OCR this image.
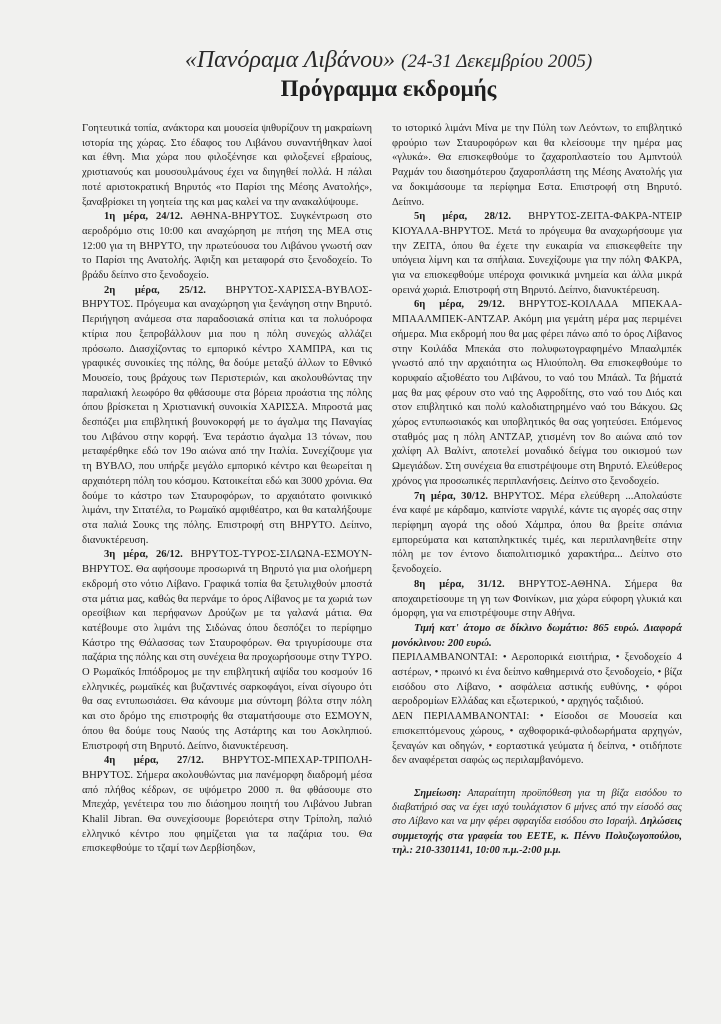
«Πανόραμα Λιβάνου» (24-31 Δεκεμβρίου 2005)
Πρόγραμμα εκδρομής

Γοητευτικά τοπία, ανάκτορα και μουσεία ψιθυρίζουν τη μακραίωνη ιστορία της χώρας. Στο έδαφος του Λιβάνου συναντήθηκαν λαοί και έθνη. Μια χώρα που φιλοξένησε και φιλοξενεί εβραίους, χριστιανούς και μουσουλμάνους έχει να διηγηθεί πολλά. Η πάλαι ποτέ αριστοκρατική Βηρυτός «το Παρίσι της Μέσης Ανατολής», ξαναβρίσκει τη γοητεία της και μας καλεί να την ανακαλύψουμε.

1η μέρα, 24/12. ΑΘΗΝΑ-ΒΗΡΥΤΟΣ. Συγκέντρωση στο αεροδρόμιο στις 10:00 και αναχώρηση με πτήση της ΜΕΑ στις 12:00 για τη ΒΗΡΥΤΟ, την πρωτεύουσα του Λιβάνου γνωστή σαν το Παρίσι της Ανατολής. Άφιξη και μεταφορά στο ξενοδοχείο. Το βράδυ δείπνο στο ξενοδοχείο.

2η μέρα, 25/12. ΒΗΡΥΤΟΣ-ΧΑΡΙΣΣΑ-ΒΥΒΛΟΣ-ΒΗΡΥΤΟΣ. Πρόγευμα και αναχώρηση για ξενάγηση στην Βηρυτό. Περιήγηση ανάμεσα στα παραδοσιακά σπίτια και τα πολυόροφα κτίρια που ξεπροβάλλουν μια που η πόλη συνεχώς αλλάζει πρόσωπο. Διασχίζοντας το εμπορικό κέντρο ΧΑΜΠΡΑ, και τις γραφικές συνοικίες της πόλης, θα δούμε μεταξύ άλλων το Εθνικό Μουσείο, τους βράχους των Περιστεριών, και ακολουθώντας την παραλιακή λεωφόρο θα φθάσουμε στα βόρεια προάστια της πόλης όπου βρίσκεται η Χριστιανική συνοικία ΧΑΡΙΣΣΑ. Μπροστά μας δεσπόζει μια επιβλητική βουνοκορφή με το άγαλμα της Παναγίας του Λιβάνου στην κορφή. Ένα τεράστιο άγαλμα 13 τόνων, που μεταφέρθηκε εδώ τον 19ο αιώνα από την Ιταλία. Συνεχίζουμε για τη ΒΥΒΛΟ, που υπήρξε μεγάλο εμπορικό κέντρο και θεωρείται η αρχαιότερη πόλη του κόσμου. Κατοικείται εδώ και 3000 χρόνια. Θα δούμε το κάστρο των Σταυροφόρων, το αρχαιότατο φοινικικό λιμάνι, την Σιτατέλα, το Ρωμαϊκό αμφιθέατρο, και θα καταλήξουμε στα παλιά Σουκς της πόλης. Επιστροφή στη ΒΗΡΥΤΟ. Δείπνο, διανυκτέρευση.

3η μέρα, 26/12. ΒΗΡΥΤΟΣ-ΤΥΡΟΣ-ΣΙΛΩΝΑ-ΕΣΜΟΥΝ-ΒΗΡΥΤΟΣ. Θα αφήσουμε προσωρινά τη Βηρυτό για μια ολοήμερη εκδρομή στο νότιο Λίβανο. Γραφικά τοπία θα ξετυλιχθούν μποστά στα μάτια μας, καθώς θα περνάμε το όρος Λίβανος με τα χωριά των ορεσίβιων και περήφανων Δρούζων με τα γαλανά μάτια. Θα κατέβουμε στο λιμάνι της Σιδώνας όπου δεσπόζει το περίφημο Κάστρο της Θάλασσας των Σταυροφόρων. Θα τριγυρίσουμε στα παζάρια της πόλης και στη συνέχεια θα προχωρήσουμε στην ΤΥΡΟ. Ο Ρωμαϊκός Ιππόδρομος με την επιβλητική αψίδα του κοσμούν 16 ελληνικές, ρωμαϊκές και βυζαντινές σαρκοφάγοι, είναι σίγουρο ότι θα σας εντυπωσιάσει. Θα κάνουμε μια σύντομη βόλτα στην πόλη και στο δρόμο της επιστροφής θα σταματήσουμε στο ΕΣΜΟΥΝ, όπου θα δούμε τους Ναούς της Αστάρτης και του Ασκληπιού. Επιστροφή στη Βηρυτό. Δείπνο, διανυκτέρευση.

4η μέρα, 27/12. ΒΗΡΥΤΟΣ-ΜΠΕΧΑΡ-ΤΡΙΠΟΛΗ-ΒΗΡΥΤΟΣ. Σήμερα ακολουθώντας μια πανέμορφη διαδρομή μέσα από πλήθος κέδρων, σε υψόμετρο 2000 π. θα φθάσουμε στο Μπεχάρ, γενέτειρα του πιο διάσημου ποιητή του Λιβάνου Jubran Khalil Jibran. Θα συνεχίσουμε βορειότερα στην Τρίπολη, παλιό ελληνικό κέντρο που φημίζεται για τα παζάρια του. Θα επισκεφθούμε το τζαμί των Δερβίσηδων,

το ιστορικό λιμάνι Μίνα με την Πύλη των Λεόντων, το επιβλητικό φρούριο των Σταυροφόρων και θα κλείσουμε την ημέρα μας «γλυκά». Θα επισκεφθούμε το ζαχαροπλαστείο του Αμπντούλ Ραχμάν του διασημότερου ζαχαροπλάστη της Μέσης Ανατολής για να δοκιμάσουμε τα περίφημα Εστα. Επιστροφή στη Βηρυτό. Δείπνο.

5η μέρα, 28/12. ΒΗΡΥΤΟΣ-ΖΕΙΤΑ-ΦΑΚΡΑ-ΝΤΕΙΡ ΚΙΟΥΑΛΑ-ΒΗΡΥΤΟΣ. Μετά το πρόγευμα θα αναχωρήσουμε για την ΖΕΙΤΑ, όπου θα έχετε την ευκαιρία να επισκεφθείτε την υπόγεια λίμνη και τα σπήλαια. Συνεχίζουμε για την πόλη ΦΑΚΡΑ, για να επισκεφθούμε υπέροχα φοινικικά μνημεία και άλλα μικρά ορεινά χωριά. Επιστροφή στη Βηρυτό. Δείπνο, διανυκτέρευση.

6η μέρα, 29/12. ΒΗΡΥΤΟΣ-ΚΟΙΛΑΔΑ ΜΠΕΚΑΑ-ΜΠΑΑΛΜΠΕΚ-ΑΝΤΖΑΡ. Ακόμη μια γεμάτη μέρα μας περιμένει σήμερα. Μια εκδρομή που θα μας φέρει πάνω από το όρος Λίβανος στην Κοιλάδα Μπεκάα στο πολυφωτογραφημένο Μπααλμπέκ γνωστό από την αρχαιότητα ως Ηλιούπολη. Θα επισκεφθούμε το κορυφαίο αξιοθέατο του Λιβάνου, το ναό του Μπάαλ. Τα βήματά μας θα μας φέρουν στο ναό της Αφροδίτης, στο ναό του Διός και στον επιβλητικό και πολύ καλοδιατηρημένο ναό του Βάκχου. Ως χώρος εντυπωσιακός και υποβλητικός θα σας γοητεύσει. Επόμενος σταθμός μας η πόλη ΑΝΤΖΑΡ, χτισμένη τον 8ο αιώνα από τον χαλίφη Αλ Βαλίντ, αποτελεί μοναδικό δείγμα του οικισμού των Ωμεγιάδων. Στη συνέχεια θα επιστρέψουμε στη Βηρυτό. Ελεύθερος χρόνος για προσωπικές περιπλανήσεις. Δείπνο στο ξενοδοχείο.

7η μέρα, 30/12. ΒΗΡΥΤΟΣ. Μέρα ελεύθερη ...Απολαύστε ένα καφέ με κάρδαμο, καπνίστε ναργιλέ, κάντε τις αγορές σας στην περίφημη αγορά της οδού Χάμπρα, όπου θα βρείτε σπάνια εμπορεύματα και καταπληκτικές τιμές, και περιπλανηθείτε στην πόλη με τον έντονο διαπολιτισμικό χαρακτήρα... Δείπνο στο ξενοδοχείο.

8η μέρα, 31/12. ΒΗΡΥΤΟΣ-ΑΘΗΝΑ. Σήμερα θα αποχαιρετίσουμε τη γη των Φοινίκων, μια χώρα εύφορη γλυκιά και όμορφη, για να επιστρέψουμε στην Αθήνα.

Τιμή κατ' άτομο σε δίκλινο δωμάτιο: 865 ευρώ. Διαφορά μονόκλινου: 200 ευρώ.

ΠΕΡΙΛΑΜΒΑΝΟΝΤΑΙ: • Αεροπορικά εισιτήρια, • ξενοδοχείο 4 αστέρων, • πρωινό κι ένα δείπνο καθημερινά στο ξενοδοχείο, • βίζα εισόδου στο Λίβανο, • ασφάλεια αστικής ευθύνης, • φόροι αεροδρομίων Ελλάδας και εξωτερικού, • αρχηγός ταξιδιού.

ΔΕΝ ΠΕΡΙΛΑΜΒΑΝΟΝΤΑΙ: • Είσοδοι σε Μουσεία και επισκεπτόμενους χώρους, • αχθοφορικά-φιλοδωρήματα αρχηγών, ξεναγών και οδηγών, • εορταστικά γεύματα ή δείπνα, • οτιδήποτε δεν αναφέρεται σαφώς ως περιλαμβανόμενο.

Σημείωση: Απαραίτητη προϋπόθεση για τη βίζα εισόδου το διαβατήριό σας να έχει ισχύ τουλάχιστον 6 μήνες από την είσοδό σας στο Λίβανο και να μην φέρει σφραγίδα εισόδου στο Ισραήλ. Δηλώσεις συμμετοχής στα γραφεία του ΕΕΤΕ, κ. Πέννυ Πολυζωγοπούλου, τηλ.: 210-3301141, 10:00 π.μ.-2:00 μ.μ.
